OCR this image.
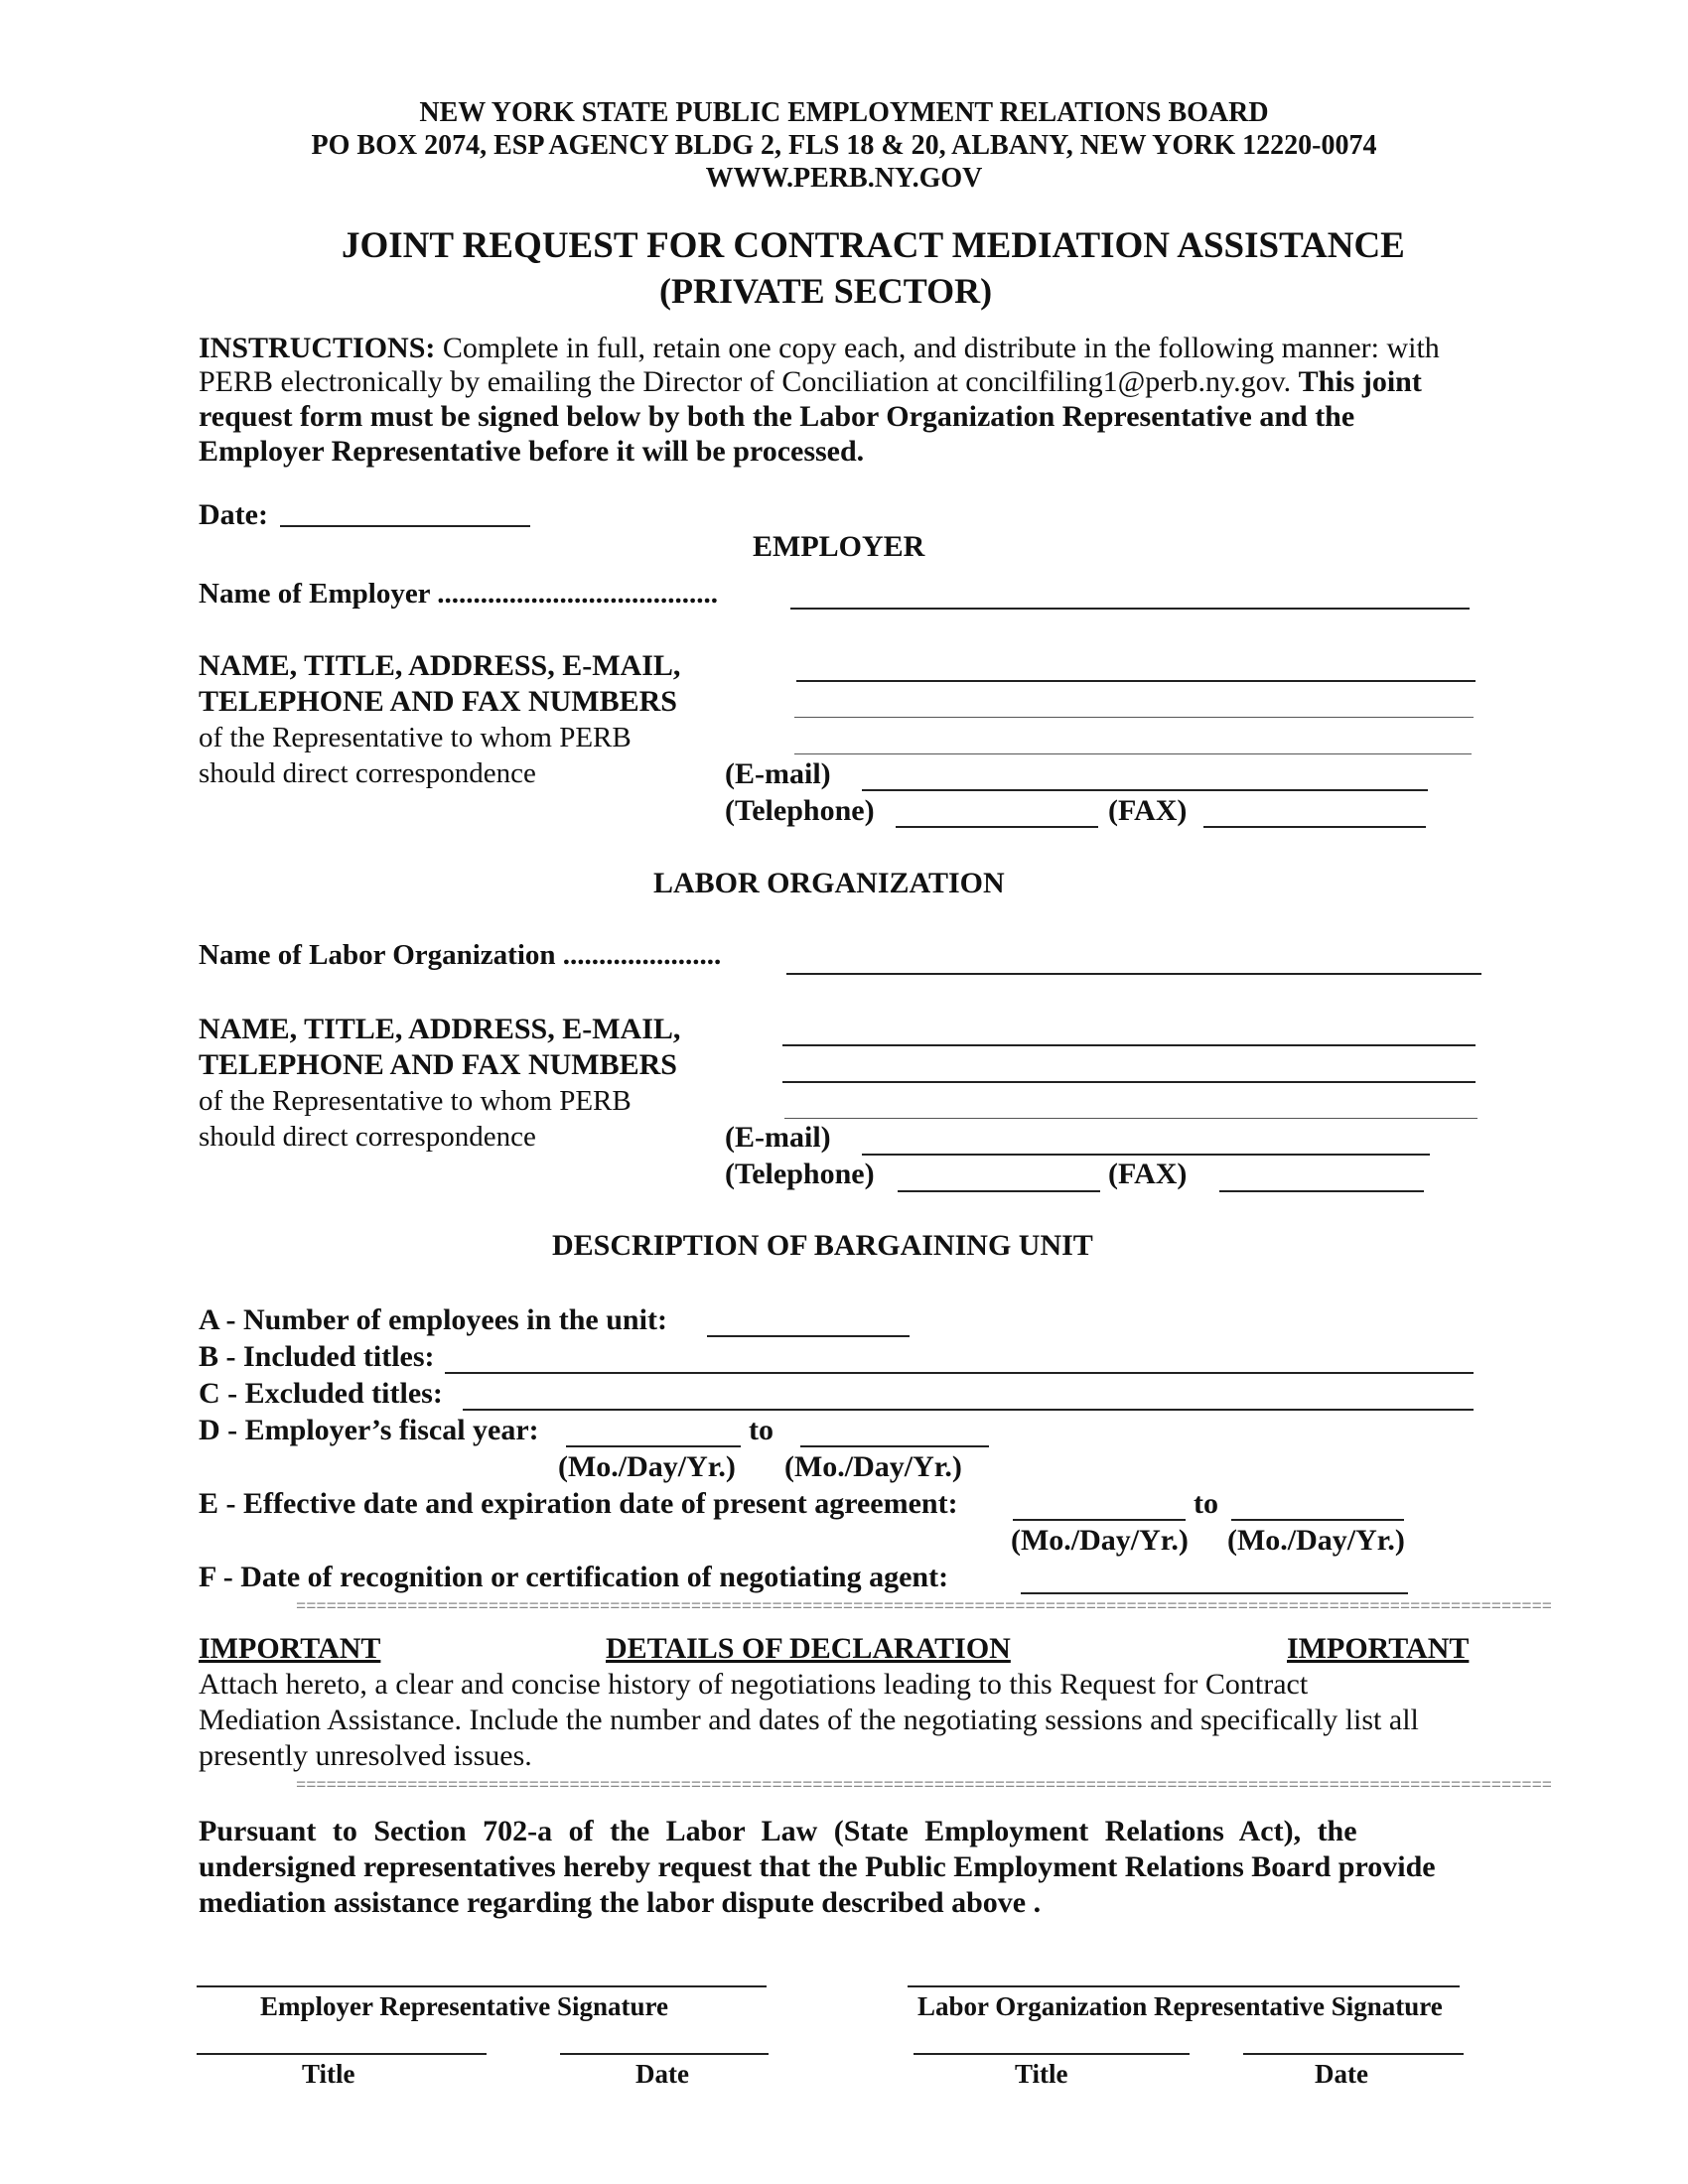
NEW YORK STATE PUBLIC EMPLOYMENT RELATIONS BOARD
PO BOX 2074, ESP AGENCY BLDG 2, FLS 18 & 20, ALBANY, NEW YORK 12220-0074
WWW.PERB.NY.GOV
JOINT REQUEST FOR CONTRACT MEDIATION ASSISTANCE
(PRIVATE SECTOR)
INSTRUCTIONS: Complete in full, retain one copy each, and distribute in the following manner: with
PERB electronically by emailing the Director of Conciliation at concilfiling1@perb.ny.gov. This joint
request form must be signed below by both the Labor Organization Representative and the
Employer Representative before it will be processed.
Date:
EMPLOYER
Name of Employer .......................................
NAME, TITLE, ADDRESS, E-MAIL,
TELEPHONE AND FAX NUMBERS
of the Representative to whom PERB
should direct correspondence	(E-mail)
(Telephone)	(FAX)
LABOR ORGANIZATION
Name of Labor Organization ......................
NAME, TITLE, ADDRESS, E-MAIL,
TELEPHONE AND FAX NUMBERS
of the Representative to whom PERB
should direct correspondence	(E-mail)
(Telephone)	(FAX)
DESCRIPTION OF BARGAINING UNIT
A - Number of employees in the unit:
B - Included titles:
C - Excluded titles:
D - Employer’s fiscal year:	to
(Mo./Day/Yr.) (Mo./Day/Yr.)
E - Effective date and expiration date of present agreement:	to
(Mo./Day/Yr.) (Mo./Day/Yr.)
F - Date of recognition or certification of negotiating agent:
============================================================================================================================
IMPORTANT	DETAILS OF DECLARATION	IMPORTANT
Attach hereto, a clear and concise history of negotiations leading to this Request for Contract
Mediation Assistance. Include the number and dates of the negotiating sessions and specifically list all
presently unresolved issues.
============================================================================================================================
Pursuant to Section 702-a of the Labor Law (State Employment Relations Act), the
undersigned representatives hereby request that the Public Employment Relations Board provide
mediation assistance regarding the labor dispute described above .
Employer Representative Signature	Labor Organization Representative Signature
Title	Date	Title	Date
